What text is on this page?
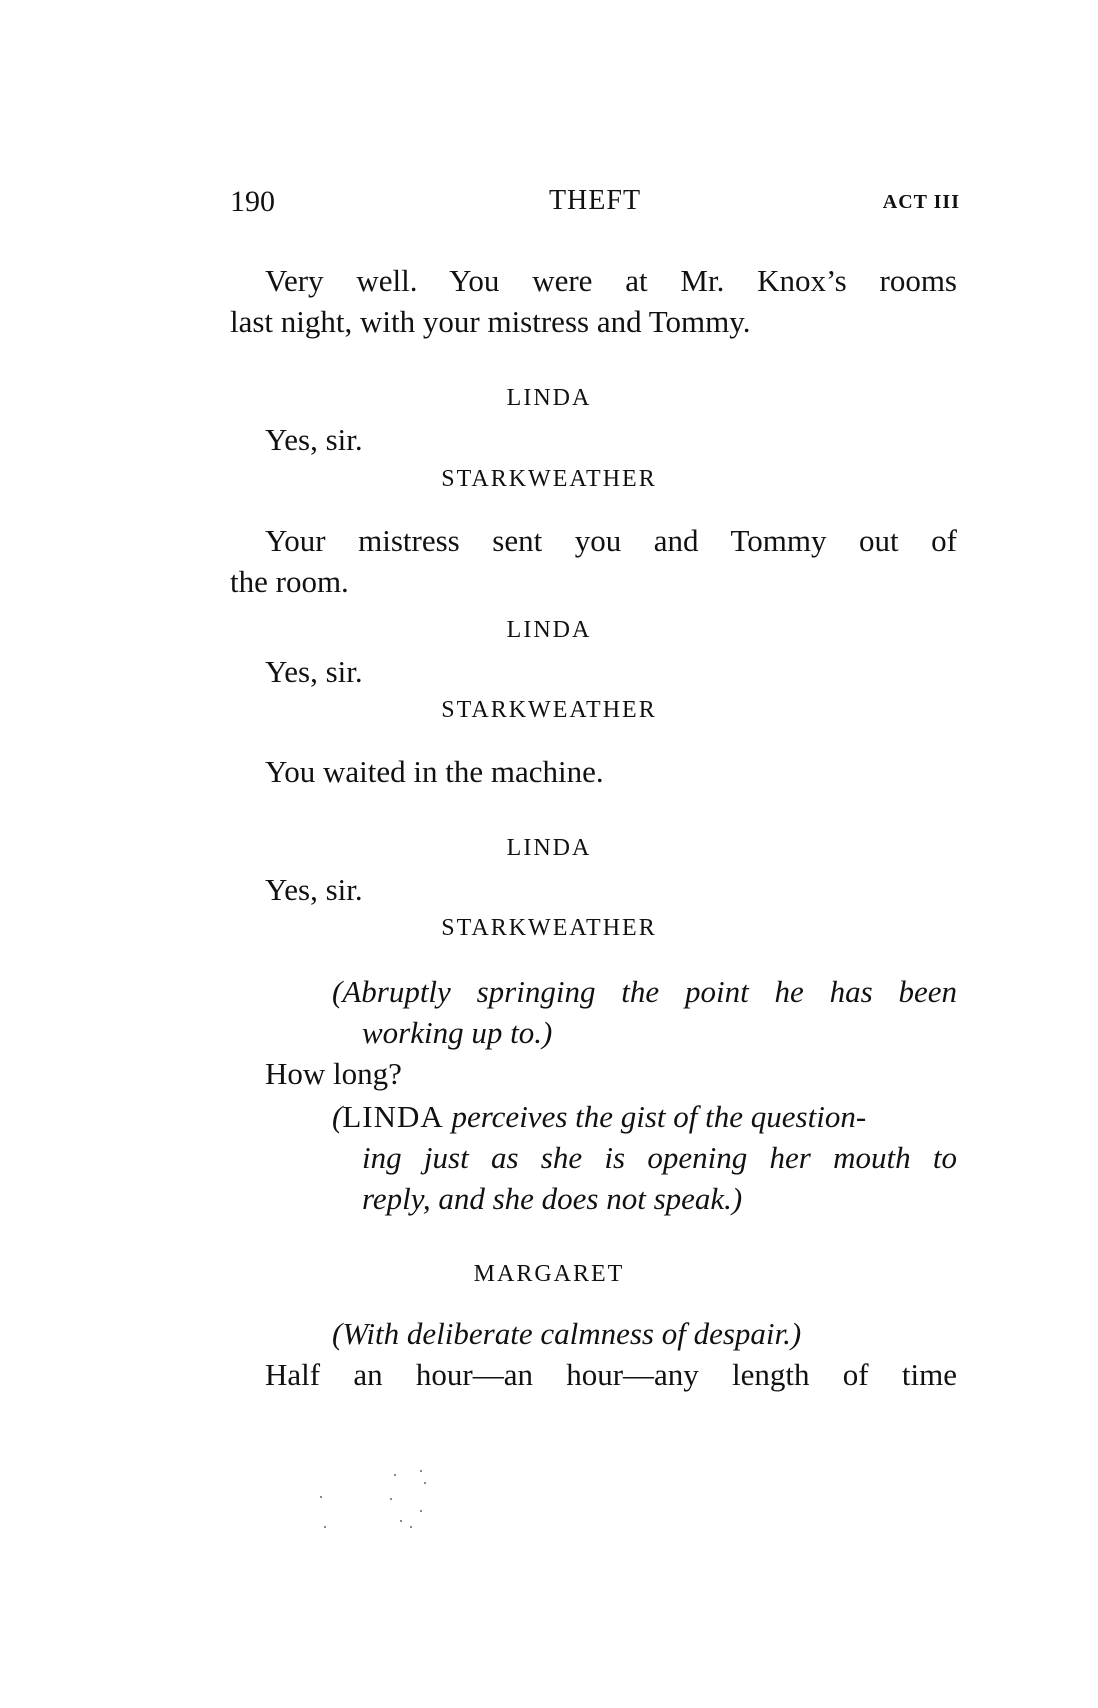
190	THEFT	ACT III
Very well. You were at Mr. Knox’s rooms
last night, with your mistress and Tommy.
LINDA
Yes, sir.
STARKWEATHER
Your mistress sent you and Tommy out of
the room.
LINDA
Yes, sir.
STARKWEATHER
You waited in the machine.
LINDA
Yes, sir.
STARKWEATHER
(Abruptly springing the point he has been
working up to.)
How long?
(LINDA perceives the gist of the question-
ing just as she is opening her mouth to
reply, and she does not speak.)
MARGARET
(With deliberate calmness of despair.)
Half an hour—an hour—any length of time
